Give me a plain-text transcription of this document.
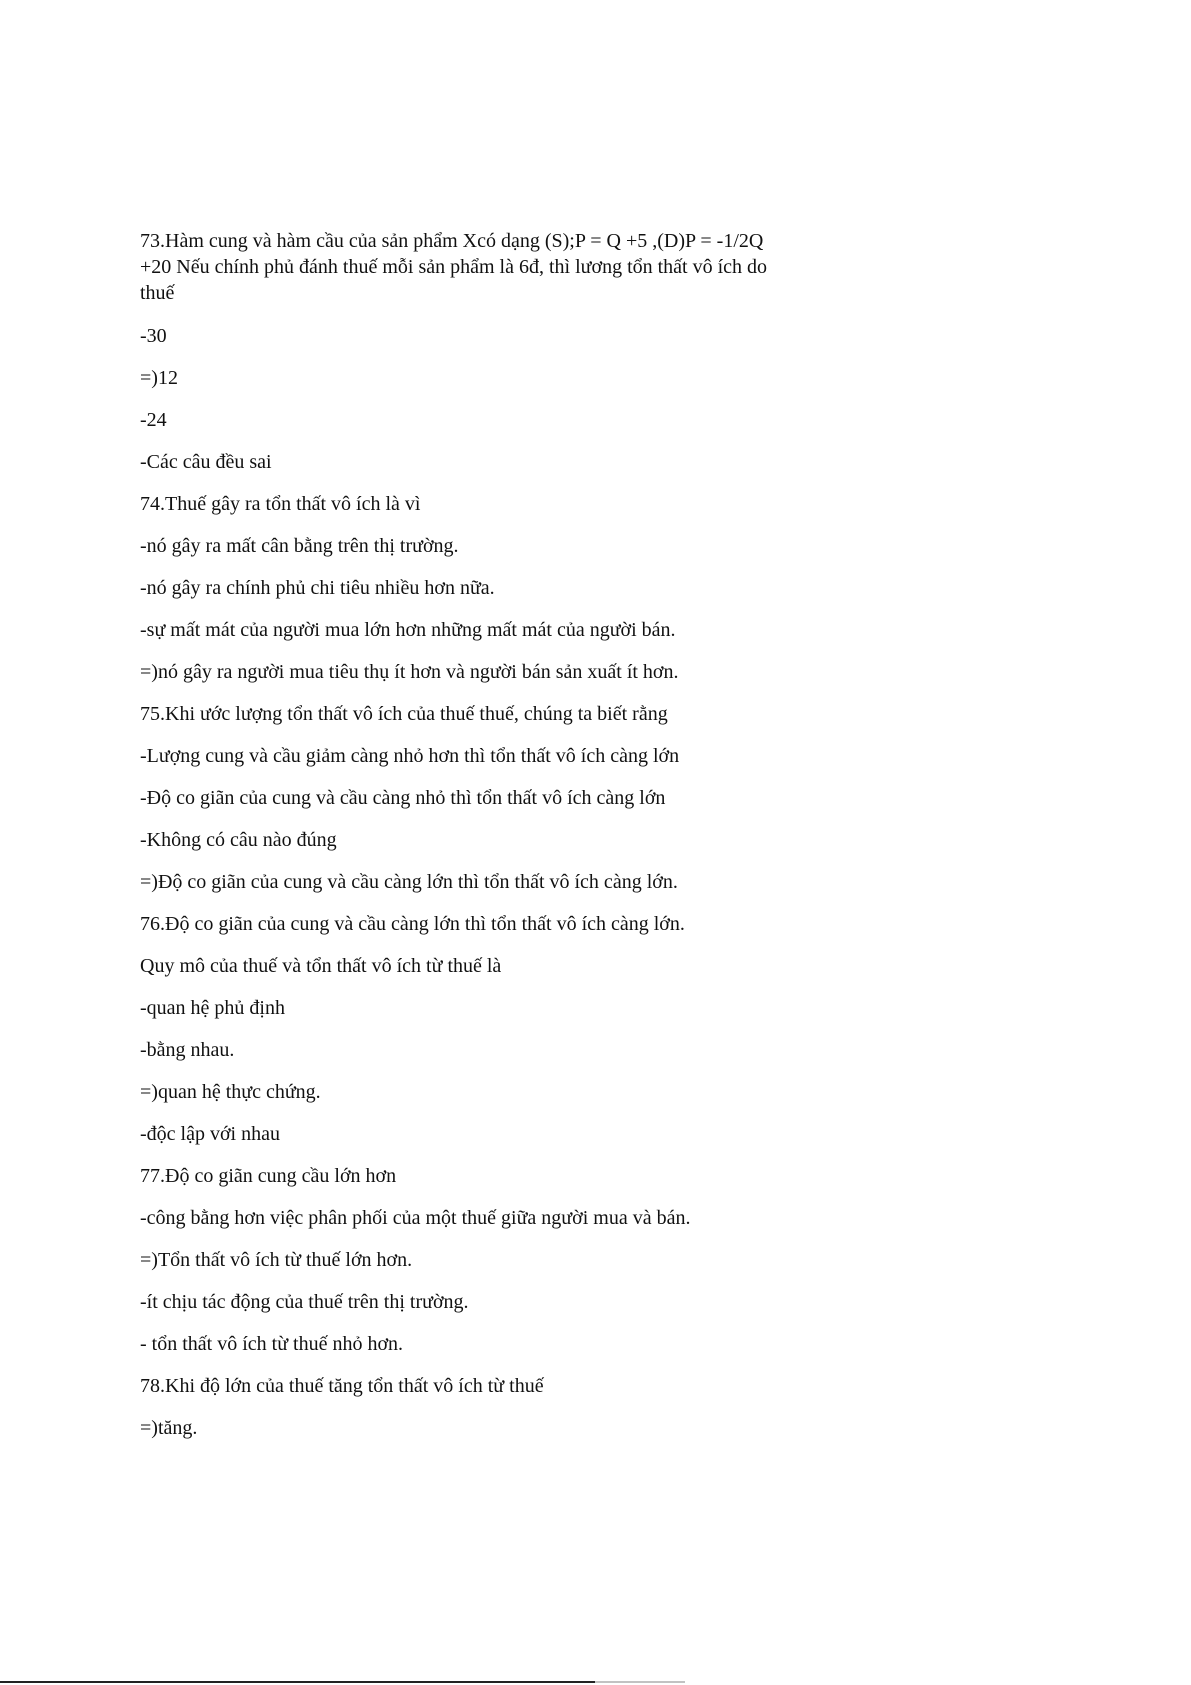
73.Hàm cung và hàm cầu của sản phẩm Xcó dạng (S);P = Q +5 ,(D)P = -1/2Q +20 Nếu chính phủ đánh thuế mỗi sản phẩm là 6đ, thì lương tổn thất vô ích do thuế

-30

=)12

-24

-Các câu đều sai

74.Thuế gây ra tổn thất vô ích là vì

-nó gây ra mất cân bằng trên thị trường.

-nó gây ra chính phủ chi tiêu nhiều hơn nữa.

-sự mất mát của người mua lớn hơn những mất mát của người bán.

=)nó gây ra người mua tiêu thụ ít hơn và người bán sản xuất ít hơn.

75.Khi ước lượng tổn thất vô ích của thuế thuế, chúng ta biết rằng

-Lượng cung và cầu giảm càng nhỏ hơn thì tổn thất vô ích càng lớn

-Độ co giãn của cung và cầu càng nhỏ thì tổn thất vô ích càng lớn

-Không có câu nào đúng

=)Độ co giãn của cung và cầu càng lớn thì tổn thất vô ích càng lớn.

76.Độ co giãn của cung và cầu càng lớn thì tổn thất vô ích càng lớn.

Quy mô của thuế và tổn thất vô ích từ thuế là

-quan hệ phủ định

-bằng nhau.

=)quan hệ thực chứng.

-độc lập với nhau

77.Độ co giãn cung cầu lớn hơn

-công bằng hơn việc phân phối của một thuế giữa người mua và bán.

=)Tổn thất vô ích từ thuế lớn hơn.

-ít chịu tác động của thuế trên thị trường.

- tổn thất vô ích từ thuế nhỏ hơn.

78.Khi độ lớn của thuế tăng tổn thất vô ích từ thuế

=)tăng.
